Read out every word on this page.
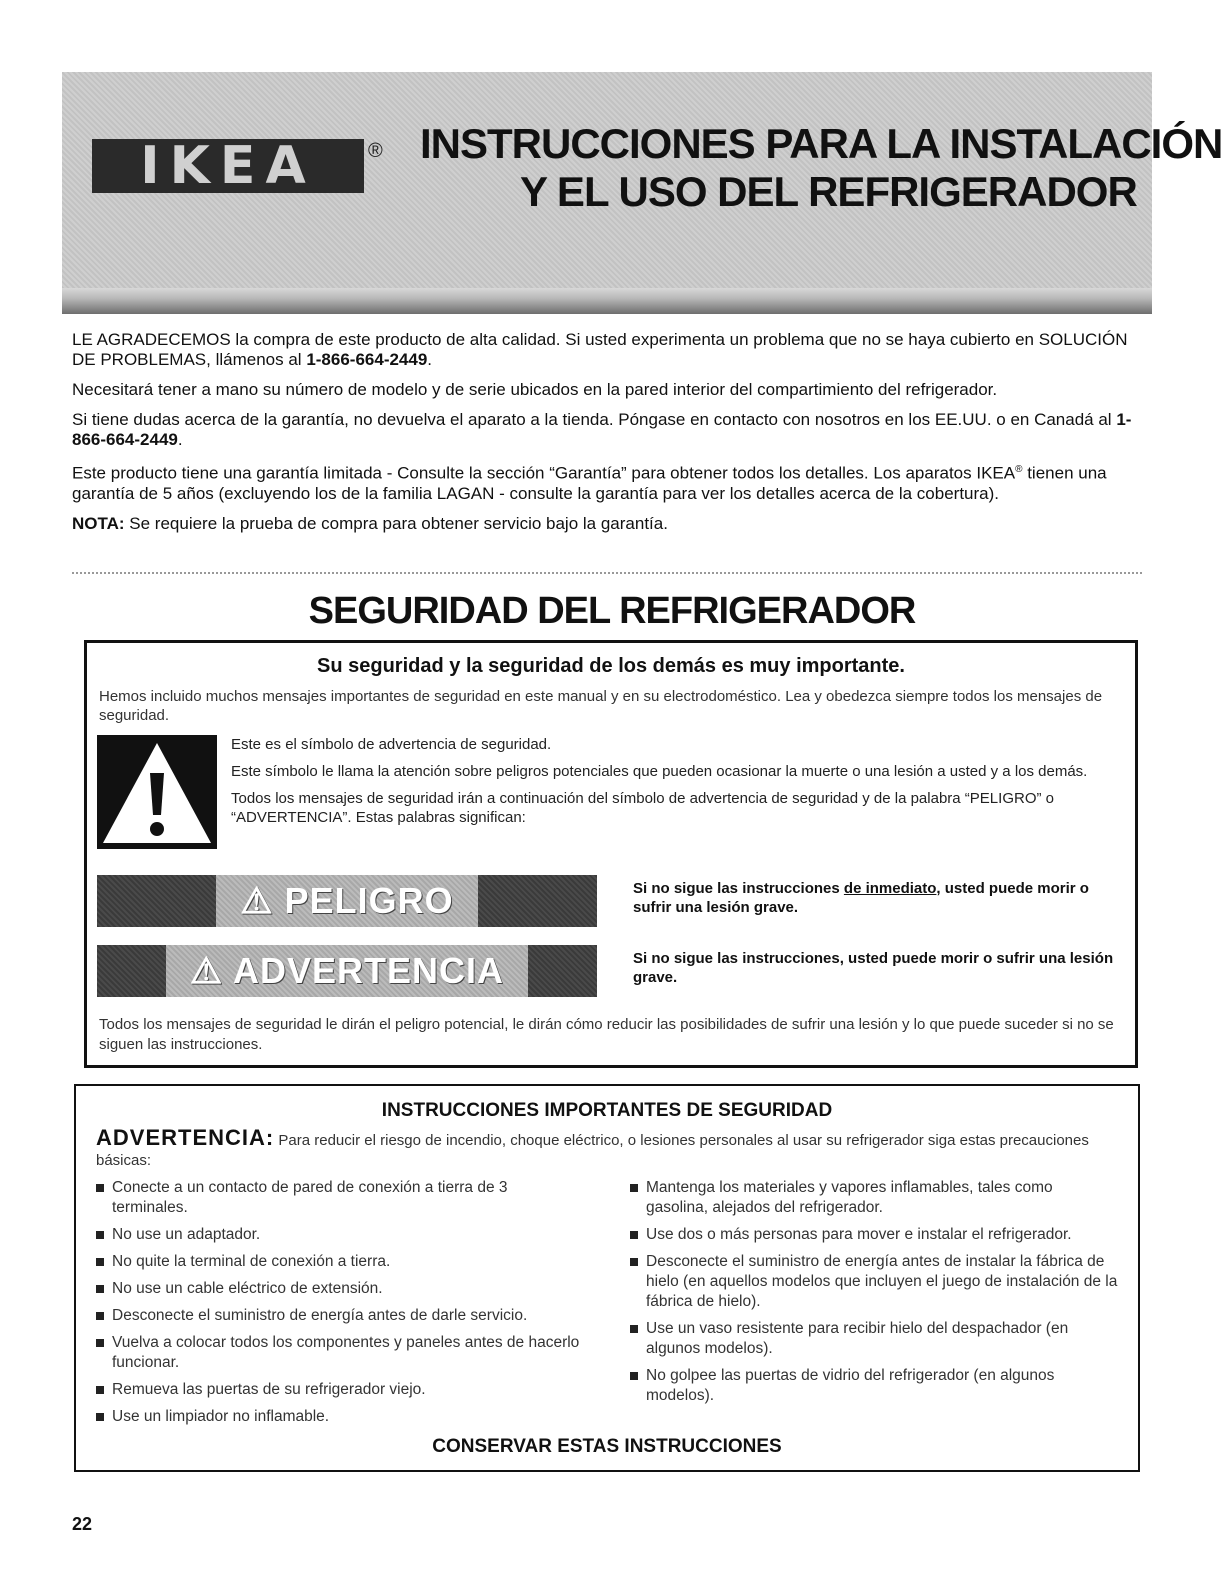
IKEA	® INSTRUCCIONES PARA LA INSTALACIÓN
Y EL USO DEL REFRIGERADOR

LE AGRADECEMOS la compra de este producto de alta calidad. Si usted experimenta un problema que no se haya cubierto en SOLUCIÓN DE PROBLEMAS, llámenos al 1-866-664-2449.

Necesitará tener a mano su número de modelo y de serie ubicados en la pared interior del compartimiento del refrigerador.

Si tiene dudas acerca de la garantía, no devuelva el aparato a la tienda. Póngase en contacto con nosotros en los EE.UU. o en Canadá al 1-866-664-2449.

Este producto tiene una garantía limitada - Consulte la sección “Garantía” para obtener todos los detalles. Los aparatos IKEA® tienen una garantía de 5 años (excluyendo los de la familia LAGAN - consulte la garantía para ver los detalles acerca de la cobertura).

NOTA: Se requiere la prueba de compra para obtener servicio bajo la garantía.

SEGURIDAD DEL REFRIGERADOR
Su seguridad y la seguridad de los demás es muy importante.
Hemos incluido muchos mensajes importantes de seguridad en este manual y en su electrodoméstico. Lea y obedezca siempre todos los mensajes de seguridad.

Este es el símbolo de advertencia de seguridad.

Este símbolo le llama la atención sobre peligros potenciales que pueden ocasionar la muerte o una lesión a usted y a los demás.

Todos los mensajes de seguridad irán a continuación del símbolo de advertencia de seguridad y de la palabra “PELIGRO” o “ADVERTENCIA”. Estas palabras significan:

⚠ PELIGRO	Si no sigue las instrucciones de inmediato, usted puede morir o sufrir una lesión grave.
⚠ ADVERTENCIA	Si no sigue las instrucciones, usted puede morir o sufrir una lesión grave.
Todos los mensajes de seguridad le dirán el peligro potencial, le dirán cómo reducir las posibilidades de sufrir una lesión y lo que puede suceder si no se siguen las instrucciones.
INSTRUCCIONES IMPORTANTES DE SEGURIDAD
ADVERTENCIA: Para reducir el riesgo de incendio, choque eléctrico, o lesiones personales al usar su refrigerador siga estas precauciones básicas:
Conecte a un contacto de pared de conexión a tierra de 3 terminales.
No use un adaptador.
No quite la terminal de conexión a tierra.
No use un cable eléctrico de extensión.
Desconecte el suministro de energía antes de darle servicio.
Vuelva a colocar todos los componentes y paneles antes de hacerlo funcionar.
Remueva las puertas de su refrigerador viejo.
Use un limpiador no inflamable.
Mantenga los materiales y vapores inflamables, tales como gasolina, alejados del refrigerador.
Use dos o más personas para mover e instalar el refrigerador.
Desconecte el suministro de energía antes de instalar la fábrica de hielo (en aquellos modelos que incluyen el juego de instalación de la fábrica de hielo).
Use un vaso resistente para recibir hielo del despachador (en algunos modelos).
No golpee las puertas de vidrio del refrigerador (en algunos modelos).
CONSERVAR ESTAS INSTRUCCIONES
22
